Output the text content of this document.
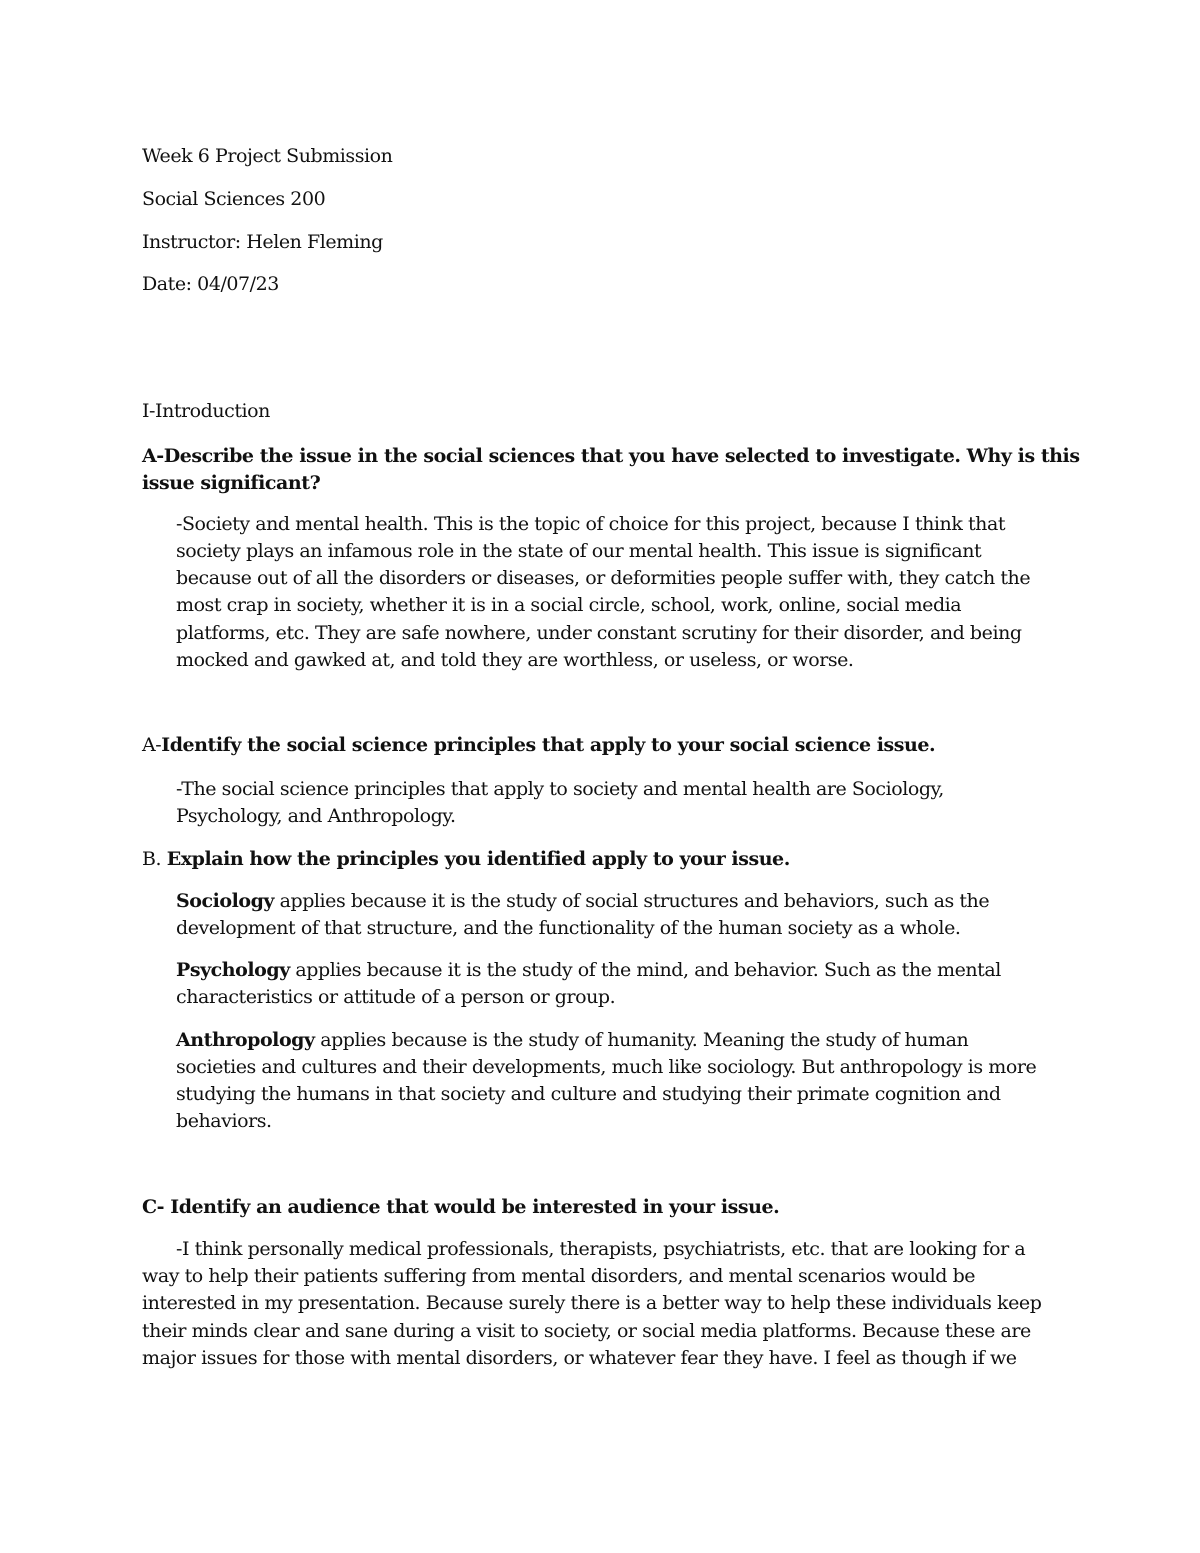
Week 6 Project Submission

Social Sciences 200

Instructor: Helen Fleming

Date: 04/07/23

I-Introduction

A-Describe the issue in the social sciences that you have selected to investigate. Why is this

issue significant?

-Society and mental health. This is the topic of choice for this project, because I think that

society plays an infamous role in the state of our mental health. This issue is significant

because out of all the disorders or diseases, or deformities people suffer with, they catch the

most crap in society, whether it is in a social circle, school, work, online, social media

platforms, etc. They are safe nowhere, under constant scrutiny for their disorder, and being

mocked and gawked at, and told they are worthless, or useless, or worse.

A-Identify the social science principles that apply to your social science issue.

-The social science principles that apply to society and mental health are Sociology,

Psychology, and Anthropology.

B. Explain how the principles you identified apply to your issue.

Sociology applies because it is the study of social structures and behaviors, such as the

development of that structure, and the functionality of the human society as a whole.

Psychology applies because it is the study of the mind, and behavior. Such as the mental

characteristics or attitude of a person or group.

Anthropology applies because is the study of humanity. Meaning the study of human

societies and cultures and their developments, much like sociology. But anthropology is more

studying the humans in that society and culture and studying their primate cognition and

behaviors.

C- Identify an audience that would be interested in your issue.

-I think personally medical professionals, therapists, psychiatrists, etc. that are looking for a

way to help their patients suffering from mental disorders, and mental scenarios would be

interested in my presentation. Because surely there is a better way to help these individuals keep

their minds clear and sane during a visit to society, or social media platforms. Because these are

major issues for those with mental disorders, or whatever fear they have. I feel as though if we
